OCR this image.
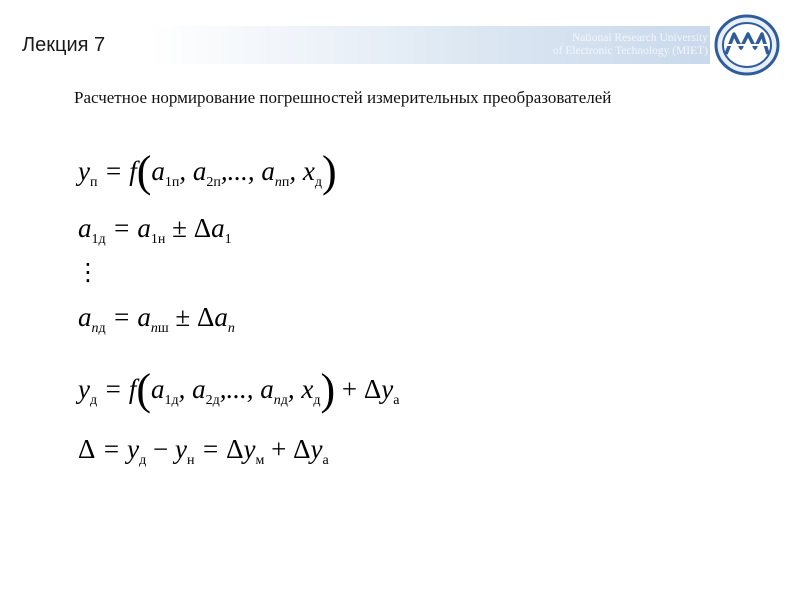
Лекция 7	National Research University
of Electronic Technology (MIET)
Расчетное нормирование погрешностей измерительных преобразователей
$y_п = f(a_{1п}$, $a_{2п}$,..., $a_{nп}$, $x_д$)
$a_{1д} = a_{1н} \pm \Delta a_1$
⋮
$a_{nд} = a_{nш} \pm \Delta a_n$
$y_д = f(a_{1д}$, $a_{2д}$,..., $a_{nд}$, $x_д) + \Delta y_а$
$\Delta = y_д - y_н = \Delta y_м + \Delta y_а$
